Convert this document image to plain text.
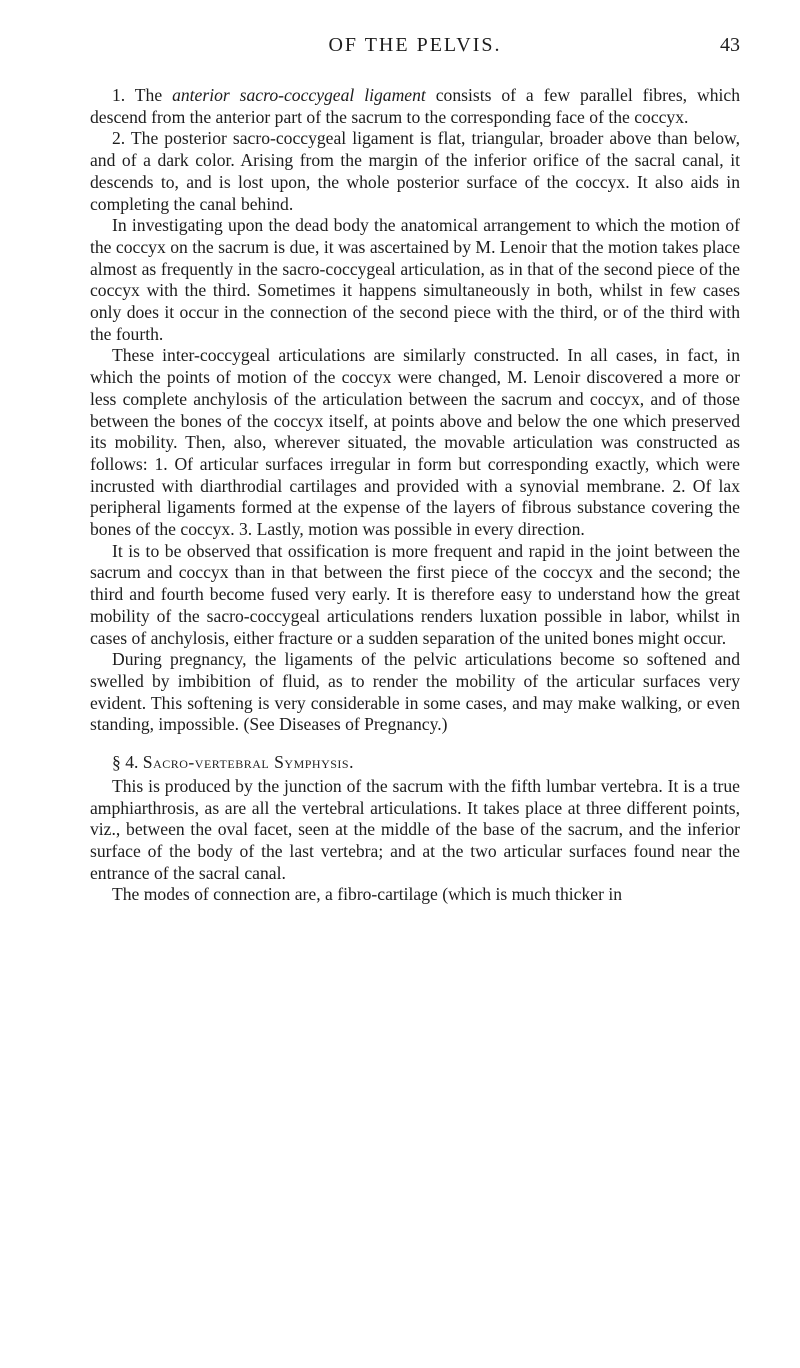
OF THE PELVIS.	43

1. The anterior sacro-coccygeal ligament consists of a few parallel fibres, which descend from the anterior part of the sacrum to the corresponding face of the coccyx.

2. The posterior sacro-coccygeal ligament is flat, triangular, broader above than below, and of a dark color. Arising from the margin of the inferior orifice of the sacral canal, it descends to, and is lost upon, the whole posterior surface of the coccyx. It also aids in completing the canal behind.

In investigating upon the dead body the anatomical arrangement to which the motion of the coccyx on the sacrum is due, it was ascertained by M. Lenoir that the motion takes place almost as frequently in the sacro-coccygeal articulation, as in that of the second piece of the coccyx with the third. Sometimes it happens simultaneously in both, whilst in few cases only does it occur in the connection of the second piece with the third, or of the third with the fourth.

These inter-coccygeal articulations are similarly constructed. In all cases, in fact, in which the points of motion of the coccyx were changed, M. Lenoir discovered a more or less complete anchylosis of the articulation between the sacrum and coccyx, and of those between the bones of the coccyx itself, at points above and below the one which preserved its mobility. Then, also, wherever situated, the movable articulation was constructed as follows: 1. Of articular surfaces irregular in form but corresponding exactly, which were incrusted with diarthrodial cartilages and provided with a synovial membrane. 2. Of lax peripheral ligaments formed at the expense of the layers of fibrous substance covering the bones of the coccyx. 3. Lastly, motion was possible in every direction.

It is to be observed that ossification is more frequent and rapid in the joint between the sacrum and coccyx than in that between the first piece of the coccyx and the second; the third and fourth become fused very early. It is therefore easy to understand how the great mobility of the sacro-coccygeal articulations renders luxation possible in labor, whilst in cases of anchylosis, either fracture or a sudden separation of the united bones might occur.

During pregnancy, the ligaments of the pelvic articulations become so softened and swelled by imbibition of fluid, as to render the mobility of the articular surfaces very evident. This softening is very considerable in some cases, and may make walking, or even standing, impossible. (See Diseases of Pregnancy.)

§ 4. Sacro-vertebral Symphysis.

This is produced by the junction of the sacrum with the fifth lumbar vertebra. It is a true amphiarthrosis, as are all the vertebral articulations. It takes place at three different points, viz., between the oval facet, seen at the middle of the base of the sacrum, and the inferior surface of the body of the last vertebra; and at the two articular surfaces found near the entrance of the sacral canal.

The modes of connection are, a fibro-cartilage (which is much thicker in
